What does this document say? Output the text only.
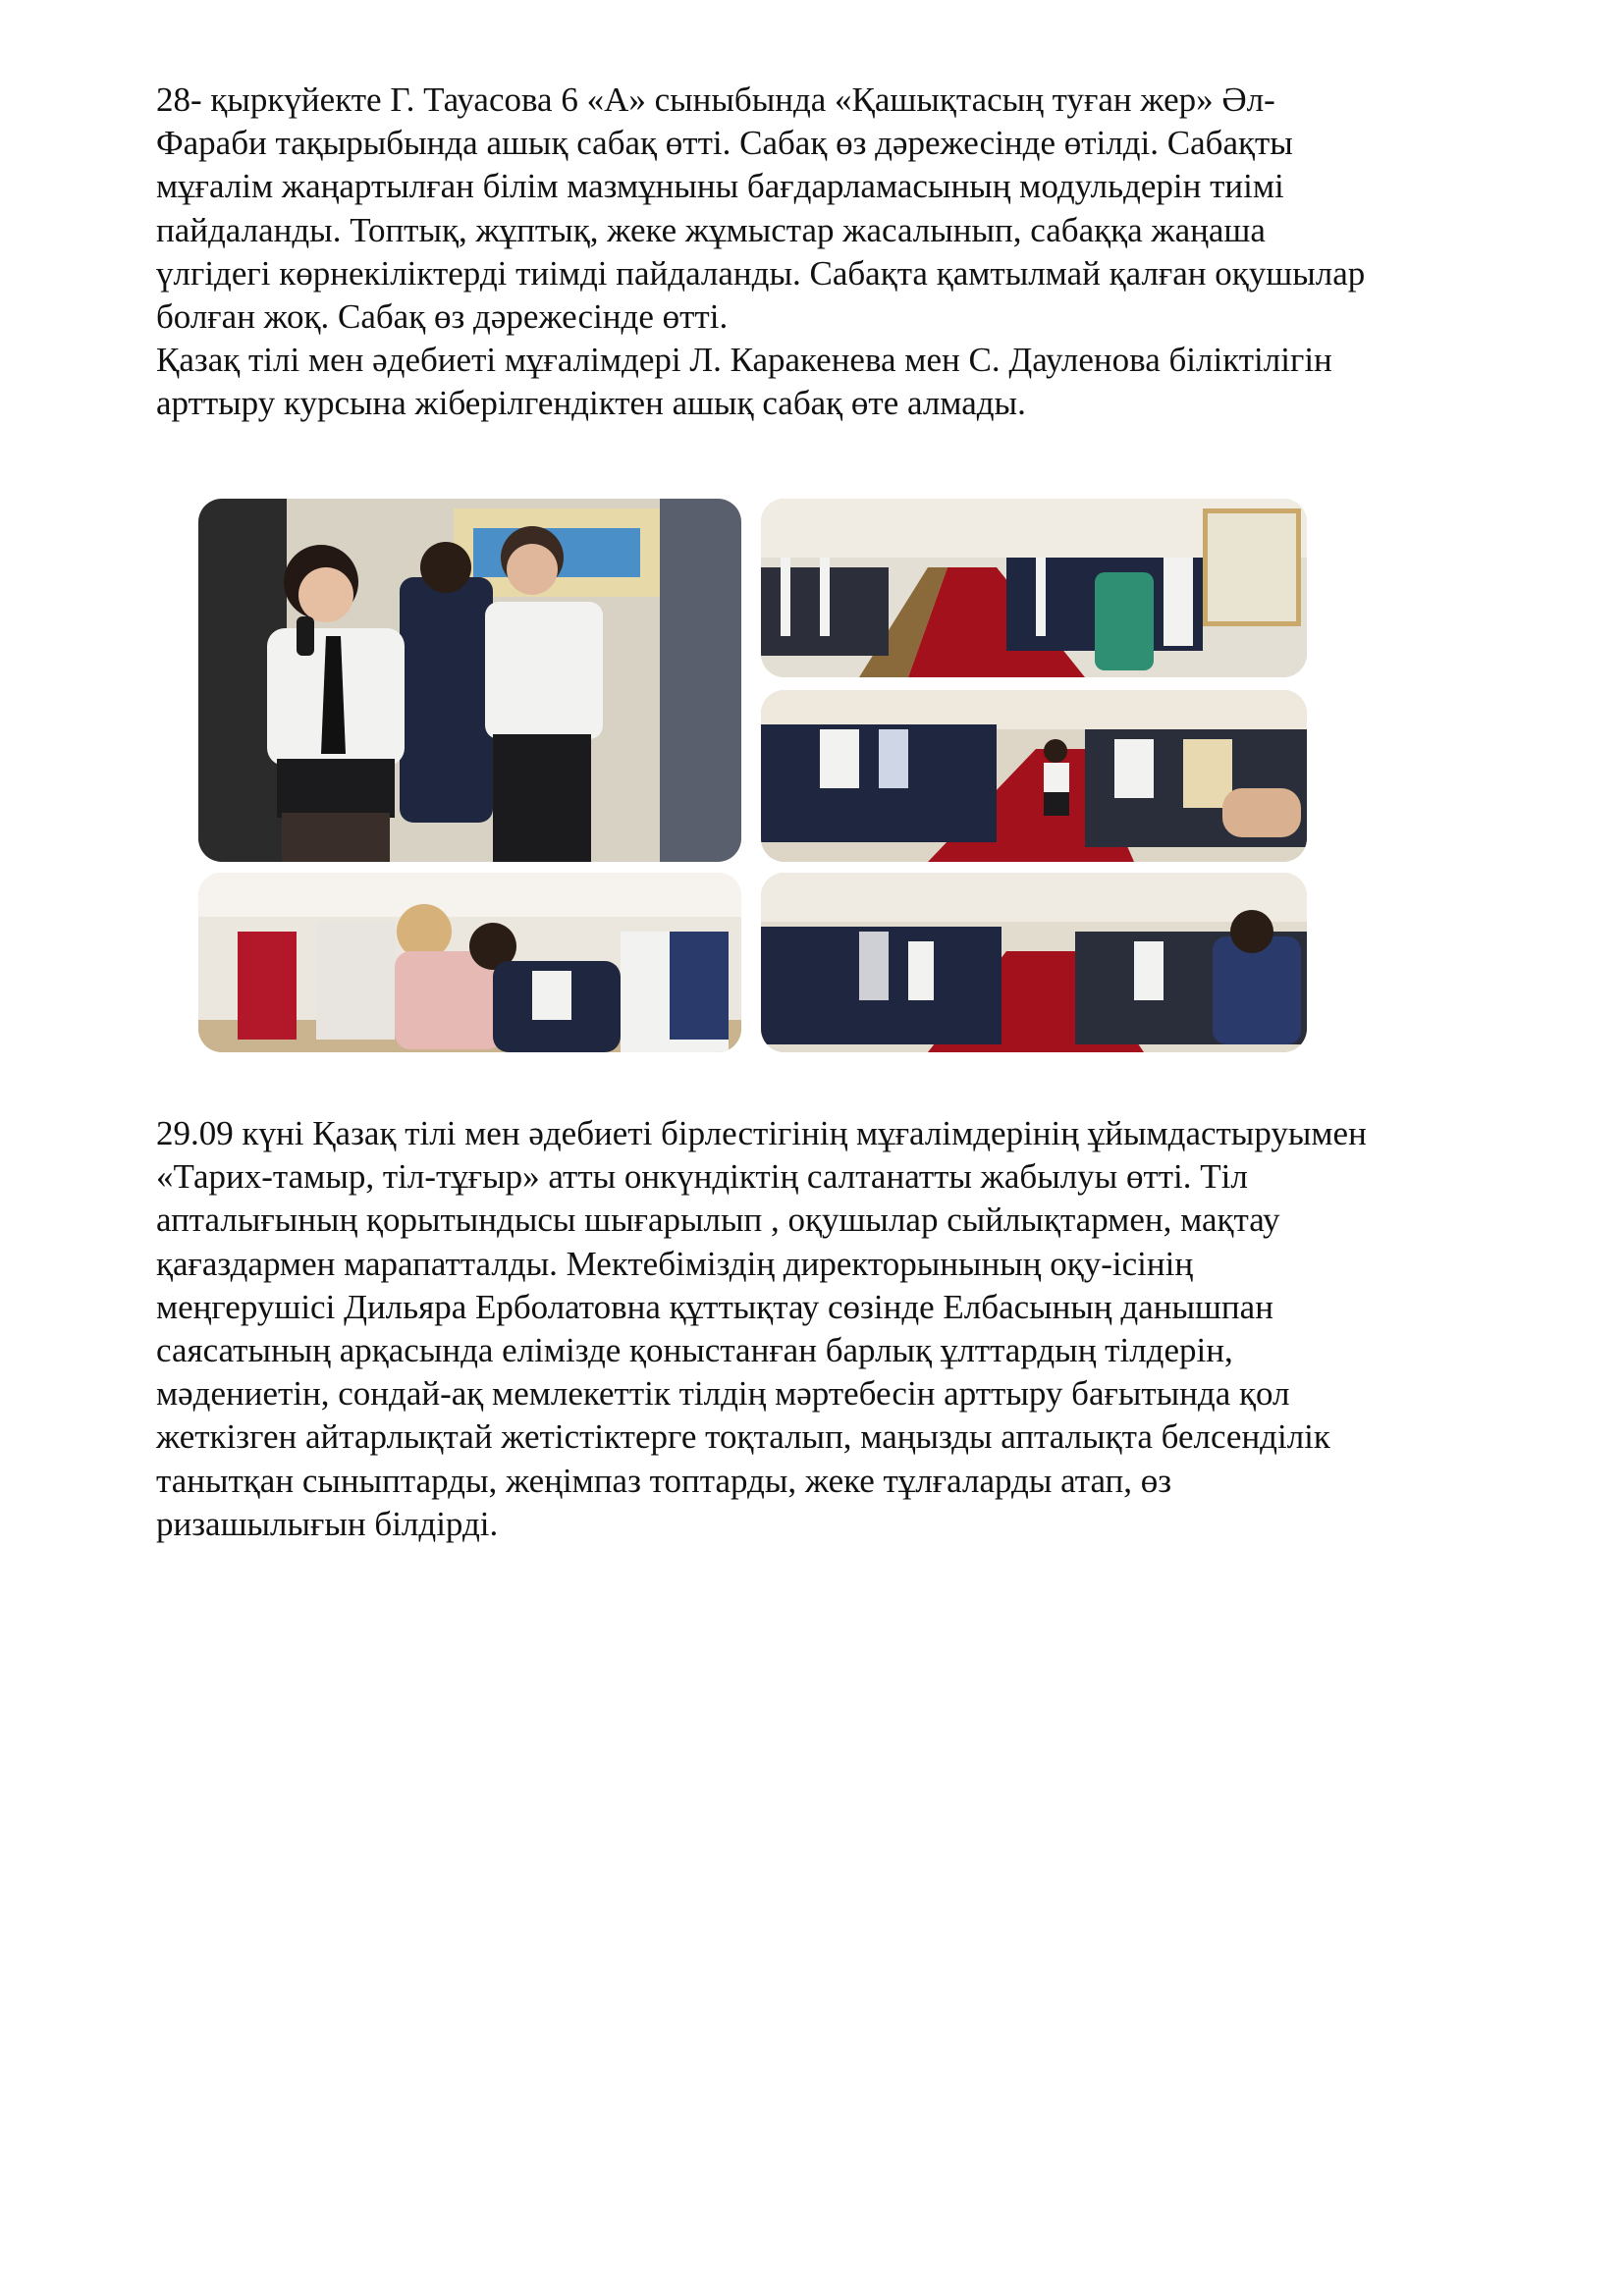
28- қыркүйекте Г. Тауасова 6 «А» сыныбында «Қашықтасың туған жер» Әл-
Фараби тақырыбында ашық сабақ өтті. Сабақ өз дәрежесінде өтілді. Сабақты
мұғалім жаңартылған білім мазмұныны бағдарламасының модульдерін тиімі
пайдаланды. Топтық, жұптық, жеке жұмыстар жасалынып, сабаққа жаңаша
үлгідегі көрнекіліктерді тиімді пайдаланды. Сабақта қамтылмай қалған оқушылар
болған жоқ. Сабақ өз дәрежесінде өтті.
Қазақ тілі мен әдебиеті мұғалімдері Л. Каракенева мен С. Дауленова біліктілігін
арттыру курсына жіберілгендіктен ашық сабақ өте алмады.

29.09 күні Қазақ тілі мен әдебиеті бірлестігінің мұғалімдерінің ұйымдастыруымен
«Тарих-тамыр, тіл-тұғыр» атты онкүндіктің салтанатты жабылуы өтті. Тіл
апталығының қорытындысы шығарылып , оқушылар сыйлықтармен, мақтау
қағаздармен марапатталды. Мектебіміздің директорынының оқу-ісінің
меңгерушісі Дильяра Ерболатовна құттықтау сөзінде Елбасының данышпан
саясатының арқасында елімізде қоныстанған барлық ұлттардың тілдерін,
мәдениетін, сондай-ақ мемлекеттік тілдің мәртебесін арттыру бағытында қол
жеткізген айтарлықтай жетістіктерге тоқталып, маңызды апталықта белсенділік
танытқан сыныптарды, жеңімпаз топтарды, жеке тұлғаларды атап, өз
ризашылығын білдірді.
